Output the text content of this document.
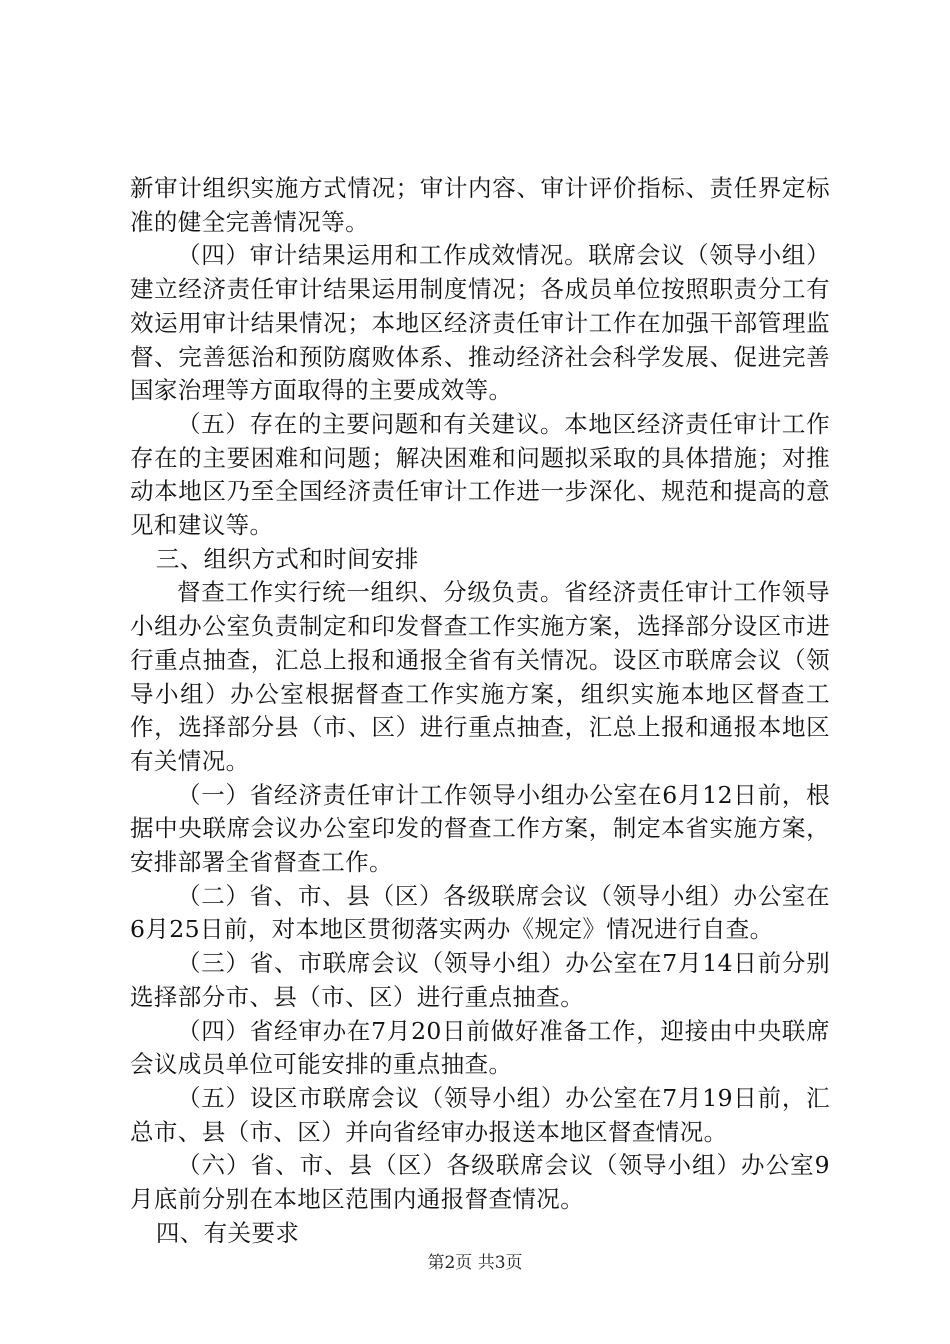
新审计组织实施方式情况；审计内容、审计评价指标、责任界定标准的健全完善情况等。

（四）审计结果运用和工作成效情况。联席会议（领导小组）建立经济责任审计结果运用制度情况；各成员单位按照职责分工有效运用审计结果情况；本地区经济责任审计工作在加强干部管理监督、完善惩治和预防腐败体系、推动经济社会科学发展、促进完善国家治理等方面取得的主要成效等。

（五）存在的主要问题和有关建议。本地区经济责任审计工作存在的主要困难和问题；解决困难和问题拟采取的具体措施；对推动本地区乃至全国经济责任审计工作进一步深化、规范和提高的意见和建议等。

三、组织方式和时间安排

督查工作实行统一组织、分级负责。省经济责任审计工作领导小组办公室负责制定和印发督查工作实施方案，选择部分设区市进行重点抽查，汇总上报和通报全省有关情况。设区市联席会议（领导小组）办公室根据督查工作实施方案，组织实施本地区督查工作，选择部分县（市、区）进行重点抽查，汇总上报和通报本地区有关情况。

（一）省经济责任审计工作领导小组办公室在6月12日前，根据中央联席会议办公室印发的督查工作方案，制定本省实施方案，安排部署全省督查工作。

（二）省、市、县（区）各级联席会议（领导小组）办公室在6月25日前，对本地区贯彻落实两办《规定》情况进行自查。

（三）省、市联席会议（领导小组）办公室在7月14日前分别选择部分市、县（市、区）进行重点抽查。

（四）省经审办在7月20日前做好准备工作，迎接由中央联席会议成员单位可能安排的重点抽查。

（五）设区市联席会议（领导小组）办公室在7月19日前，汇总市、县（市、区）并向省经审办报送本地区督查情况。

（六）省、市、县（区）各级联席会议（领导小组）办公室9月底前分别在本地区范围内通报督查情况。

四、有关要求

第2页 共3页
